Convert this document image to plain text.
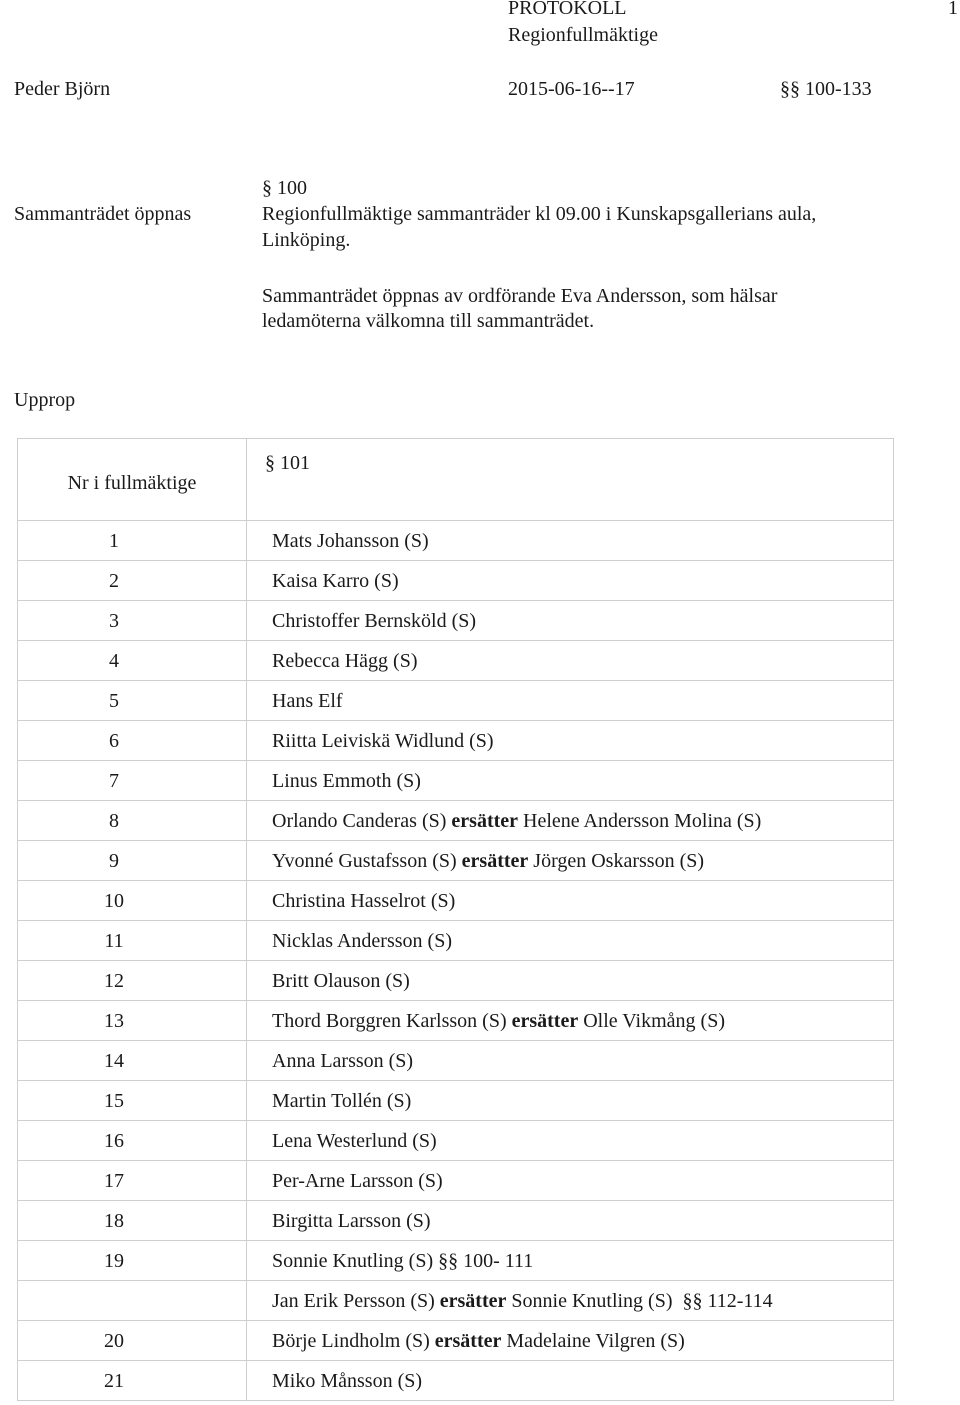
PROTOKOLL
Regionfullmäktige
1
Peder Björn	2015-06-16--17	§§ 100-133
Sammanträdet öppnas
§ 100
Regionfullmäktige sammanträder kl 09.00 i Kunskapsgallerians aula,
Linköping.
Sammanträdet öppnas av ordförande Eva Andersson, som hälsar
ledamöterna välkomna till sammanträdet.
Upprop
Nr i fullmäktige	§ 101
1	Mats Johansson (S)
2	Kaisa Karro (S)
3	Christoffer Bernsköld (S)
4	Rebecca Hägg (S)
5	Hans Elf
6	Riitta Leiviskä Widlund (S)
7	Linus Emmoth (S)
8	Orlando Canderas (S) ersätter Helene Andersson Molina (S)
9	Yvonné Gustafsson (S) ersätter Jörgen Oskarsson (S)
10	Christina Hasselrot (S)
11	Nicklas Andersson (S)
12	Britt Olauson (S)
13	Thord Borggren Karlsson (S) ersätter Olle Vikmång (S)
14	Anna Larsson (S)
15	Martin Tollén (S)
16	Lena Westerlund (S)
17	Per-Arne Larsson (S)
18	Birgitta Larsson (S)
19	Sonnie Knutling (S) §§ 100- 111
	Jan Erik Persson (S) ersätter Sonnie Knutling (S)  §§ 112-114
20	Börje Lindholm (S) ersätter Madelaine Vilgren (S)
21	Miko Månsson (S)
